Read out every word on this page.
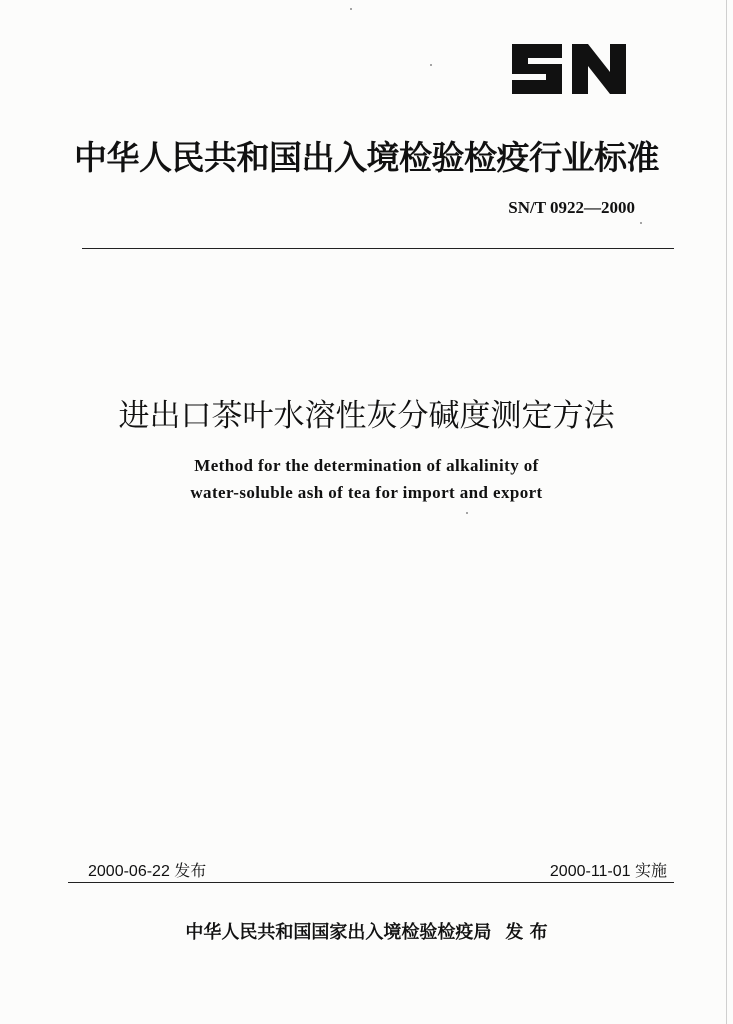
中华人民共和国出入境检验检疫行业标准
SN/T 0922—2000
进出口茶叶水溶性灰分碱度测定方法
Method for the determination of alkalinity of
water-soluble ash of tea for import and export
2000-06-22 发布	2000-11-01 实施
中华人民共和国国家出入境检验检疫局 发 布
